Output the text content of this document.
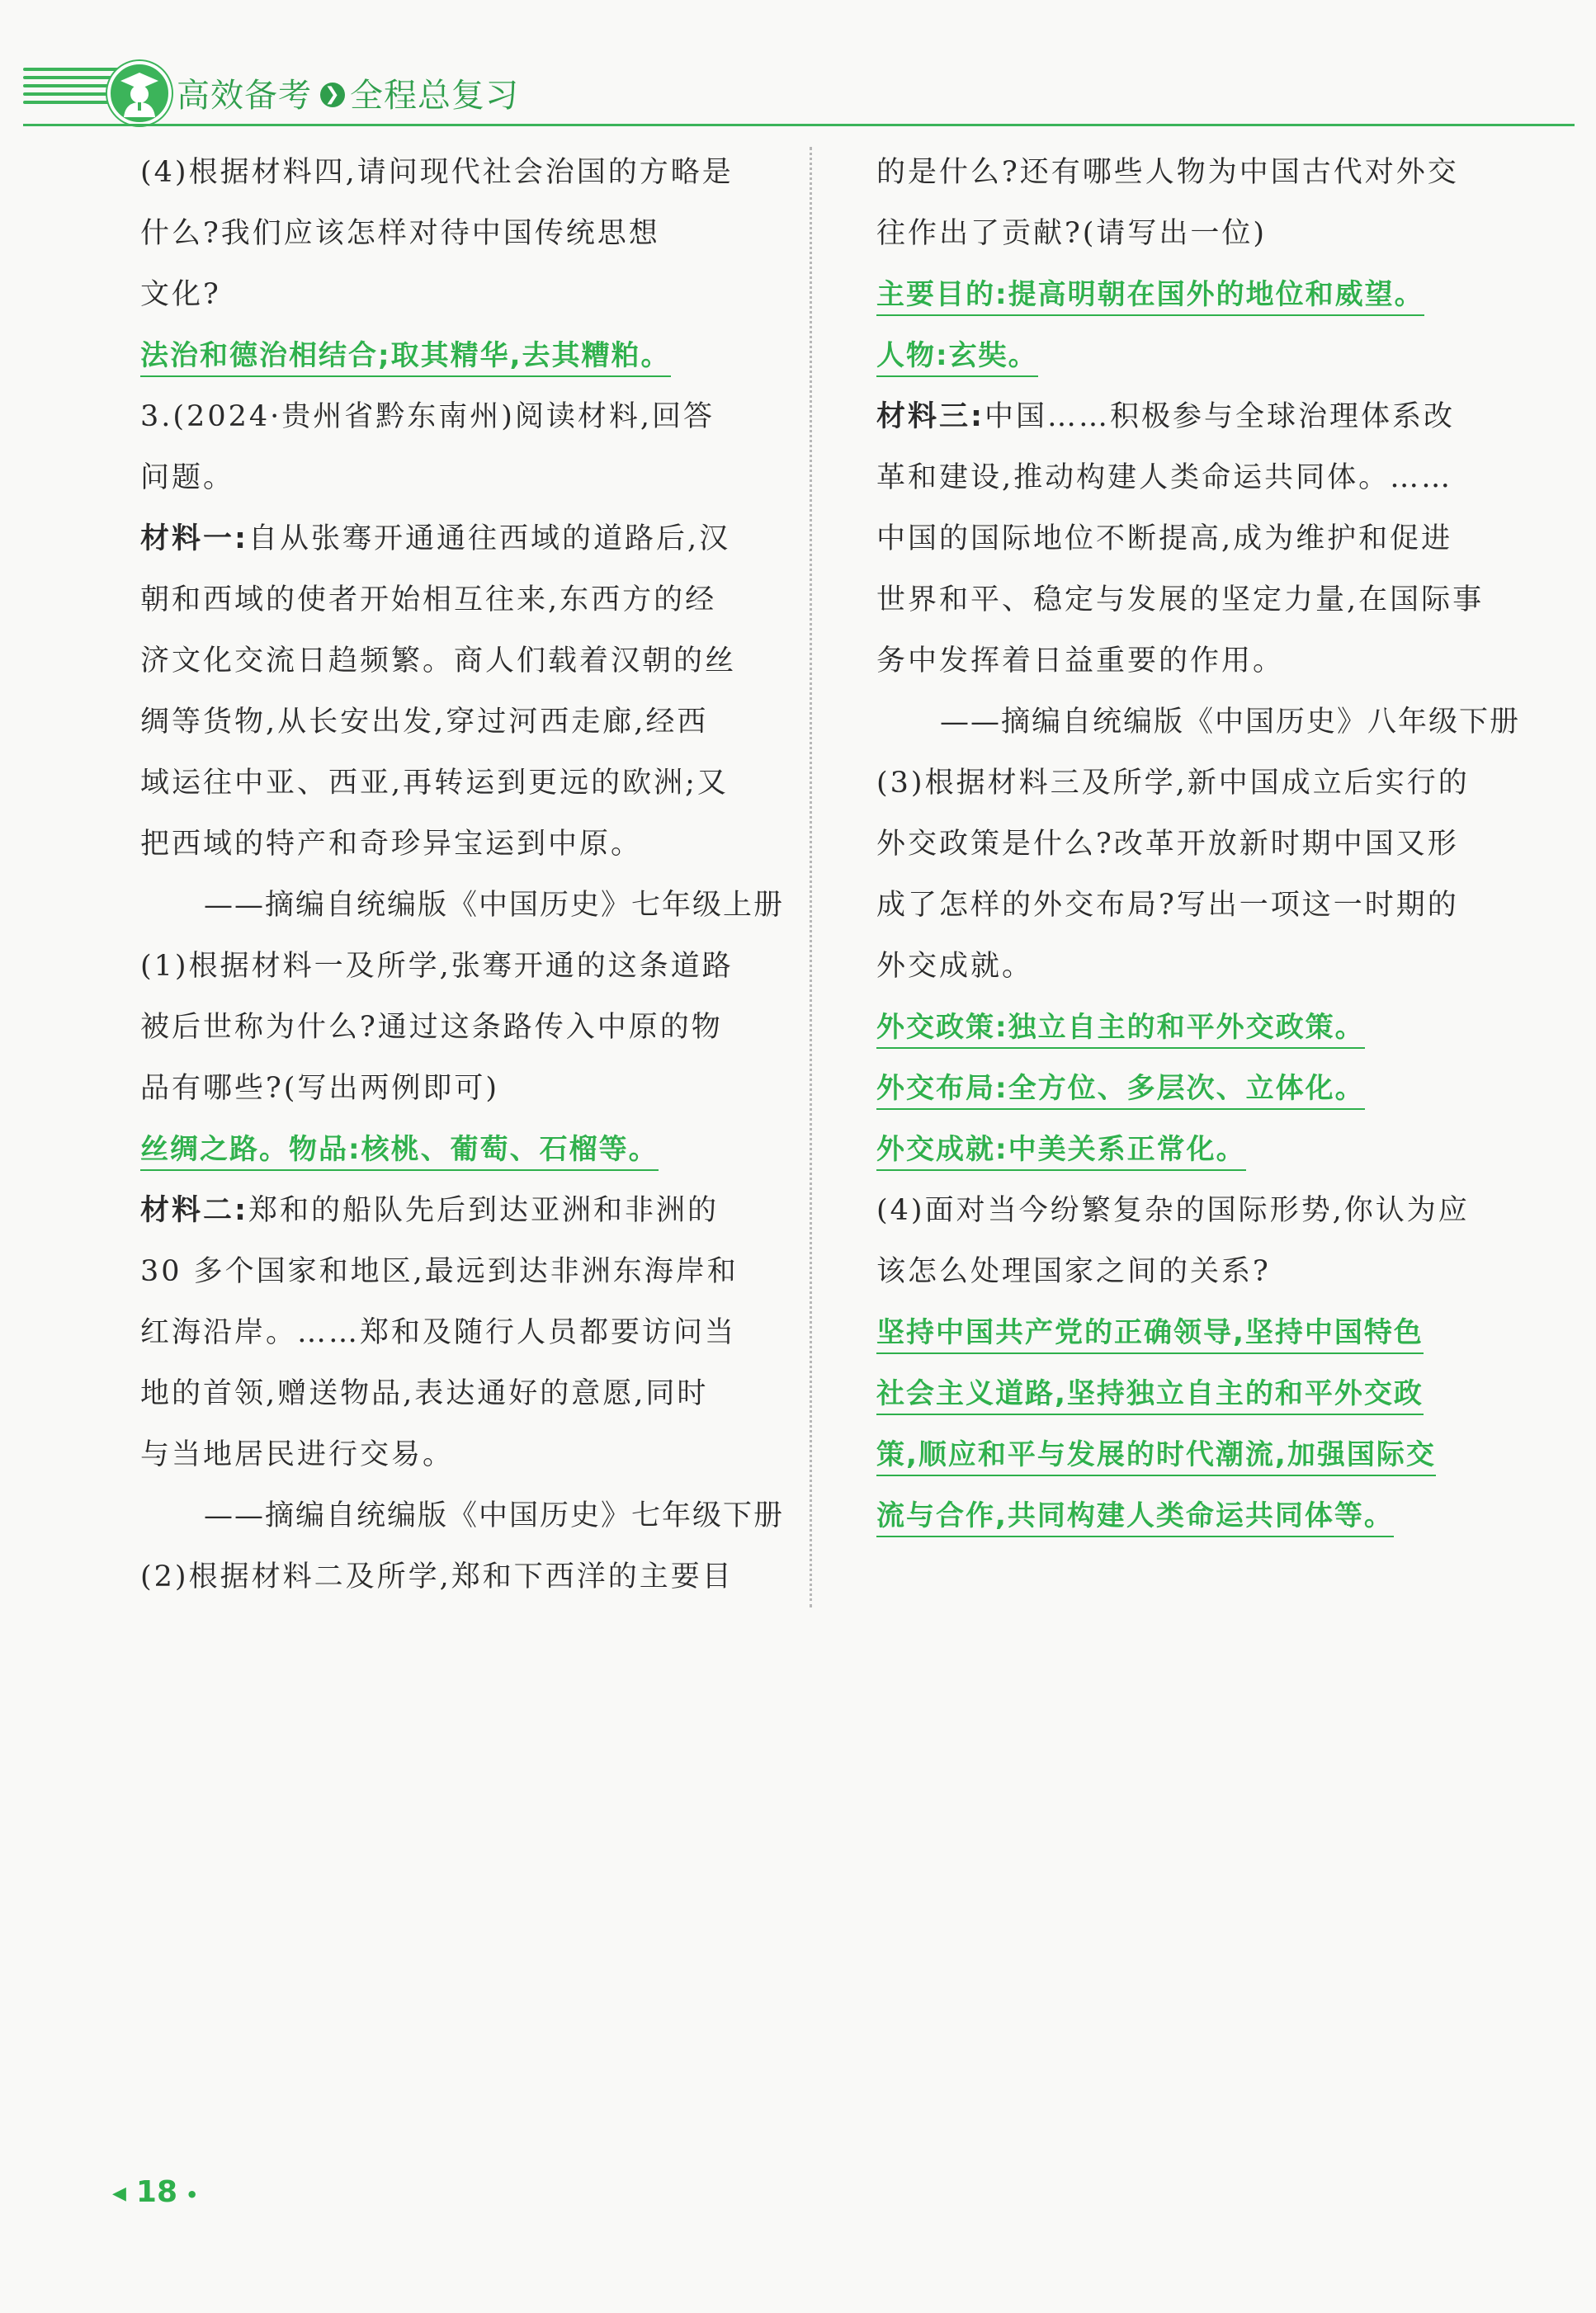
高效备考 ❯ 全程总复习

(4)根据材料四,请问现代社会治国的方略是

什么?我们应该怎样对待中国传统思想

文化?

法治和德治相结合;取其精华,去其糟粕。

3.(2024·贵州省黔东南州)阅读材料,回答

问题。

材料一:自从张骞开通通往西域的道路后,汉

朝和西域的使者开始相互往来,东西方的经

济文化交流日趋频繁。商人们载着汉朝的丝

绸等货物,从长安出发,穿过河西走廊,经西

域运往中亚、西亚,再转运到更远的欧洲;又

把西域的特产和奇珍异宝运到中原。

——摘编自统编版《中国历史》七年级上册

(1)根据材料一及所学,张骞开通的这条道路

被后世称为什么?通过这条路传入中原的物

品有哪些?(写出两例即可)

丝绸之路。物品:核桃、葡萄、石榴等。

材料二:郑和的船队先后到达亚洲和非洲的

30 多个国家和地区,最远到达非洲东海岸和

红海沿岸。……郑和及随行人员都要访问当

地的首领,赠送物品,表达通好的意愿,同时

与当地居民进行交易。

——摘编自统编版《中国历史》七年级下册

(2)根据材料二及所学,郑和下西洋的主要目

的是什么?还有哪些人物为中国古代对外交

往作出了贡献?(请写出一位)

主要目的:提高明朝在国外的地位和威望。

人物:玄奘。

材料三:中国……积极参与全球治理体系改

革和建设,推动构建人类命运共同体。……

中国的国际地位不断提高,成为维护和促进

世界和平、稳定与发展的坚定力量,在国际事

务中发挥着日益重要的作用。

——摘编自统编版《中国历史》八年级下册

(3)根据材料三及所学,新中国成立后实行的

外交政策是什么?改革开放新时期中国又形

成了怎样的外交布局?写出一项这一时期的

外交成就。

外交政策:独立自主的和平外交政策。

外交布局:全方位、多层次、立体化。

外交成就:中美关系正常化。

(4)面对当今纷繁复杂的国际形势,你认为应

该怎么处理国家之间的关系?

坚持中国共产党的正确领导,坚持中国特色

社会主义道路,坚持独立自主的和平外交政

策,顺应和平与发展的时代潮流,加强国际交

流与合作,共同构建人类命运共同体等。

◀ 18 •
